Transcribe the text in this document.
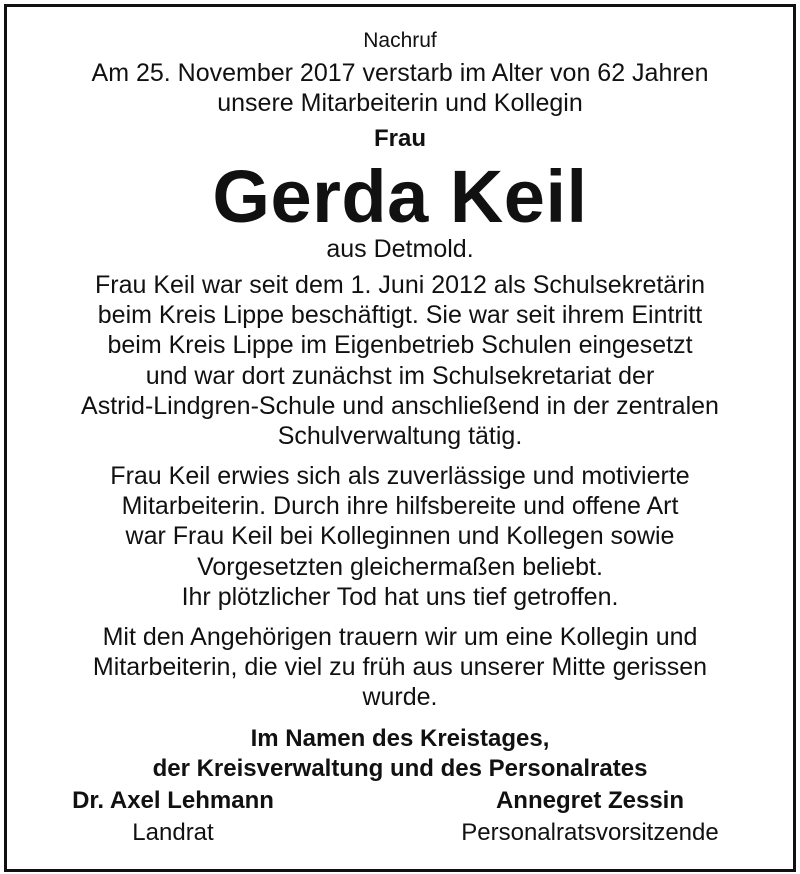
Nachruf
Am 25. November 2017 verstarb im Alter von 62 Jahren
unsere Mitarbeiterin und Kollegin
Frau
Gerda Keil
aus Detmold.
Frau Keil war seit dem 1. Juni 2012 als Schulsekretärin
beim Kreis Lippe beschäftigt. Sie war seit ihrem Eintritt
beim Kreis Lippe im Eigenbetrieb Schulen eingesetzt
und war dort zunächst im Schulsekretariat der
Astrid-Lindgren-Schule und anschließend in der zentralen
Schulverwaltung tätig.
Frau Keil erwies sich als zuverlässige und motivierte
Mitarbeiterin. Durch ihre hilfsbereite und offene Art
war Frau Keil bei Kolleginnen und Kollegen sowie
Vorgesetzten gleichermaßen beliebt.
Ihr plötzlicher Tod hat uns tief getroffen.
Mit den Angehörigen trauern wir um eine Kollegin und
Mitarbeiterin, die viel zu früh aus unserer Mitte gerissen
wurde.
Im Namen des Kreistages,
der Kreisverwaltung und des Personalrates
Dr. Axel Lehmann
Landrat
Annegret Zessin
Personalratsvorsitzende
